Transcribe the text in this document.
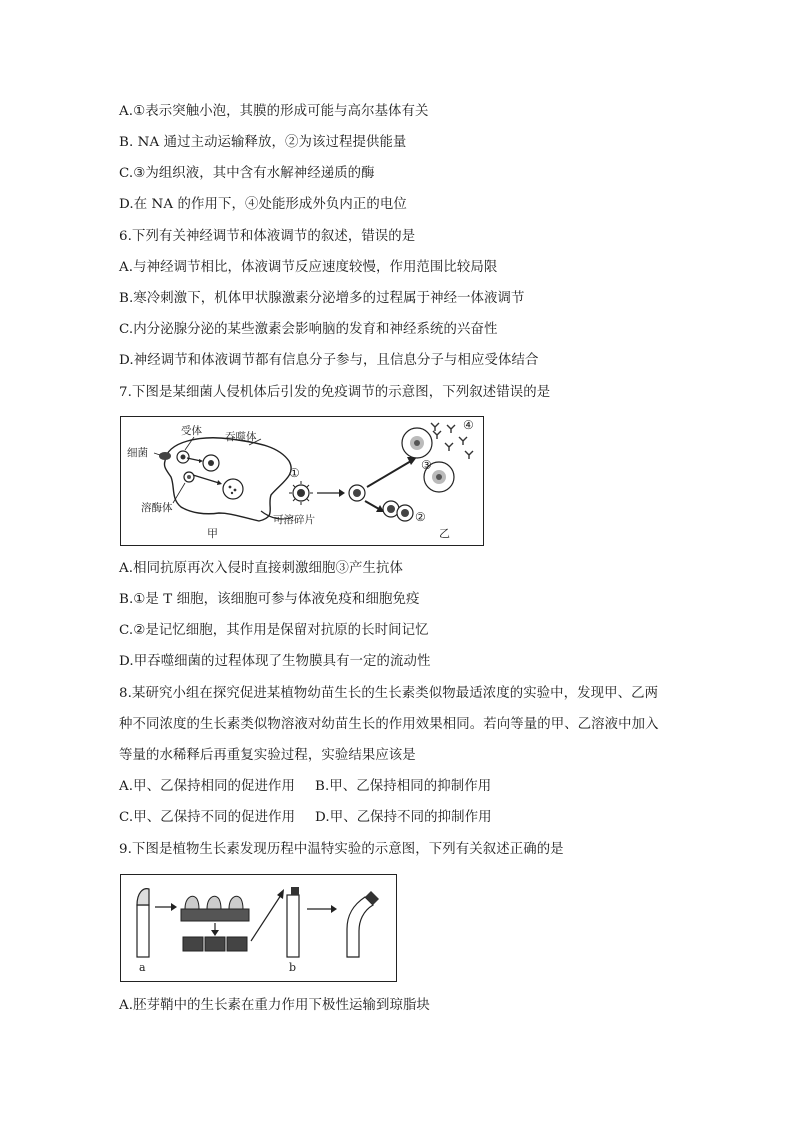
A.①表示突触小泡，其膜的形成可能与高尔基体有关
B. NA 通过主动运输释放，②为该过程提供能量
C.③为组织液，其中含有水解神经递质的酶
D.在 NA 的作用下，④处能形成外负内正的电位
6.下列有关神经调节和体液调节的叙述，错误的是
A.与神经调节相比，体液调节反应速度较慢，作用范围比较局限
B.寒冷刺激下，机体甲状腺激素分泌增多的过程属于神经一体液调节
C.内分泌腺分泌的某些激素会影响脑的发育和神经系统的兴奋性
D.神经调节和体液调节都有信息分子参与，且信息分子与相应受体结合
7.下图是某细菌人侵机体后引发的免疫调节的示意图，下列叙述错误的是
受体 吞噬体
细菌
溶酶体
可溶碎片
甲
①
②
③
④
乙
A.相同抗原再次入侵时直接刺激细胞③产生抗体
B.①是 T 细胞，该细胞可参与体液免疫和细胞免疫
C.②是记忆细胞，其作用是保留对抗原的长时间记忆
D.甲吞噬细菌的过程体现了生物膜具有一定的流动性
8.某研究小组在探究促进某植物幼苗生长的生长素类似物最适浓度的实验中，发现甲、乙两
种不同浓度的生长素类似物溶液对幼苗生长的作用效果相同。若向等量的甲、乙溶液中加入
等量的水稀释后再重复实验过程，实验结果应该是
A.甲、乙保持相同的促进作用 B.甲、乙保持相同的抑制作用
C.甲、乙保持不同的促进作用 D.甲、乙保持不同的抑制作用
9.下图是植物生长素发现历程中温特实验的示意图，下列有关叙述正确的是
a	b
A.胚芽鞘中的生长素在重力作用下极性运输到琼脂块
